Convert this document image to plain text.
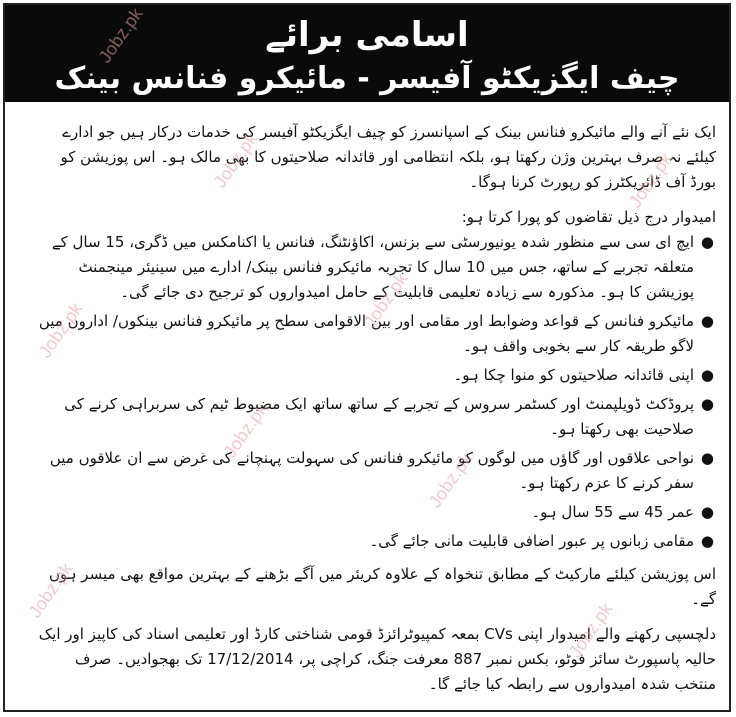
اسامی برائے
چیف ایگزیکٹو آفیسر - مائیکرو فنانس بینک

ایک نئے آنے والے مائیکرو فنانس بینک کے اسپانسرز کو چیف ایگزیکٹو آفیسر کی خدمات درکار ہیں جو ادارے کیلئے نہ صرف بہترین وژن رکھتا ہو، بلکہ انتظامی اور قائدانہ صلاحیتوں کا بھی مالک ہو۔ اس پوزیشن کو بورڈ آف ڈائریکٹرز کو رپورٹ کرنا ہوگا۔

امیدوار درج ذیل تقاضوں کو پورا کرتا ہو:

●
ایچ ای سی سے منظور شدہ یونیورسٹی سے بزنس، اکاؤنٹنگ، فنانس یا اکنامکس میں ڈگری، 15 سال کے متعلقہ تجربے کے ساتھ، جس میں 10 سال کا تجربہ مائیکرو فنانس بینک/ ادارے میں سینیئر مینجمنٹ پوزیشن کا ہو۔ مذکورہ سے زیادہ تعلیمی قابلیت کے حامل امیدواروں کو ترجیح دی جائے گی۔
●
مائیکرو فنانس کے قواعد وضوابط اور مقامی اور بین الاقوامی سطح پر مائیکرو فنانس بینکوں/ اداروں میں لاگو طریقہ کار سے بخوبی واقف ہو۔
●
اپنی قائدانہ صلاحیتوں کو منوا چکا ہو۔
●
پروڈکٹ ڈویلپمنٹ اور کسٹمر سروس کے تجربے کے ساتھ ساتھ ایک مضبوط ٹیم کی سربراہی کرنے کی صلاحیت بھی رکھتا ہو۔
●
نواحی علاقوں اور گاؤں میں لوگوں کو مائیکرو فنانس کی سہولت پہنچانے کی غرض سے ان علاقوں میں سفر کرنے کا عزم رکھتا ہو۔
●
عمر 45 سے 55 سال ہو۔
●
مقامی زبانوں پر عبور اضافی قابلیت مانی جائے گی۔

اس پوزیشن کیلئے مارکیٹ کے مطابق تنخواہ کے علاوہ کریئر میں آگے بڑھنے کے بہترین مواقع بھی میسر ہوں گے۔

دلچسپی رکھنے والے امیدوار اپنی CVs بمعہ کمپیوٹرائزڈ قومی شناختی کارڈ اور تعلیمی اسناد کی کاپیز اور ایک حالیہ پاسپورٹ سائز فوٹو، بکس نمبر 887 معرفت جنگ، کراچی پر، 17/12/2014 تک بھجوادیں۔ صرف منتخب شدہ امیدواروں سے رابطہ کیا جائے گا۔

Jobz.pk
Jobz.pk
Jobz.pk
Jobz.pk
Jobz.pk
Jobz.pk
Jobz.pk
Jobz.pk
Jobz.pk
